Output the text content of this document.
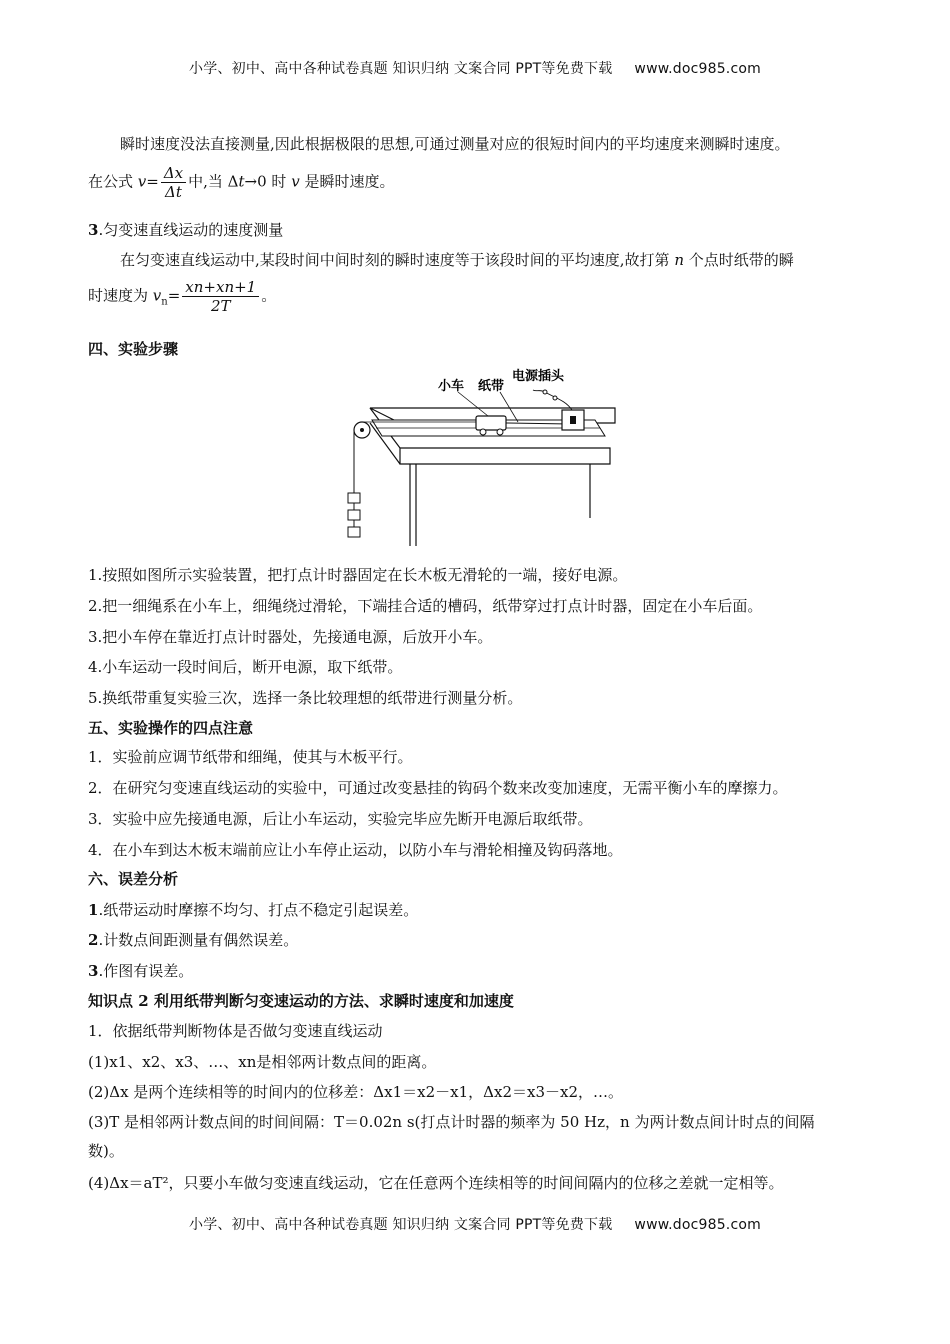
小学、初中、高中各种试卷真题 知识归纳 文案合同 PPT等免费下载 www.doc985.com
瞬时速度没法直接测量,因此根据极限的思想,可通过测量对应的很短时间内的平均速度来测瞬时速度。
在公式 $v= \frac{\Delta x}{\Delta t}$ 中,当 Δt→0 时 v 是瞬时速度。
3.匀变速直线运动的速度测量
在匀变速直线运动中,某段时间中间时刻的瞬时速度等于该段时间的平均速度,故打第 n 个点时纸带的瞬
时速度为 $v_n= \frac{xn+xn+1}{2T}$ 。
四、实验步骤
小车 纸带
电源插头
1.按照如图所示实验装置，把打点计时器固定在长木板无滑轮的一端，接好电源。
2.把一细绳系在小车上，细绳绕过滑轮，下端挂合适的槽码，纸带穿过打点计时器，固定在小车后面。
3.把小车停在靠近打点计时器处，先接通电源，后放开小车。
4.小车运动一段时间后，断开电源，取下纸带。
5.换纸带重复实验三次，选择一条比较理想的纸带进行测量分析。
五、实验操作的四点注意
1．实验前应调节纸带和细绳，使其与木板平行。
2．在研究匀变速直线运动的实验中，可通过改变悬挂的钩码个数来改变加速度，无需平衡小车的摩擦力。
3．实验中应先接通电源，后让小车运动，实验完毕应先断开电源后取纸带。
4．在小车到达木板末端前应让小车停止运动，以防小车与滑轮相撞及钩码落地。
六、误差分析
1.纸带运动时摩擦不均匀、打点不稳定引起误差。
2.计数点间距测量有偶然误差。
3.作图有误差。
知识点 2 利用纸带判断匀变速运动的方法、求瞬时速度和加速度
1．依据纸带判断物体是否做匀变速直线运动
(1)x1、x2、x3、…、xn是相邻两计数点间的距离。
(2)Δx 是两个连续相等的时间内的位移差：Δx1＝x2－x1，Δx2＝x3－x2，…。
(3)T 是相邻两计数点间的时间间隔：T＝0.02n s(打点计时器的频率为 50 Hz，n 为两计数点间计时点的间隔
数)。
(4)Δx＝aT²，只要小车做匀变速直线运动，它在任意两个连续相等的时间间隔内的位移之差就一定相等。
小学、初中、高中各种试卷真题 知识归纳 文案合同 PPT等免费下载 www.doc985.com
